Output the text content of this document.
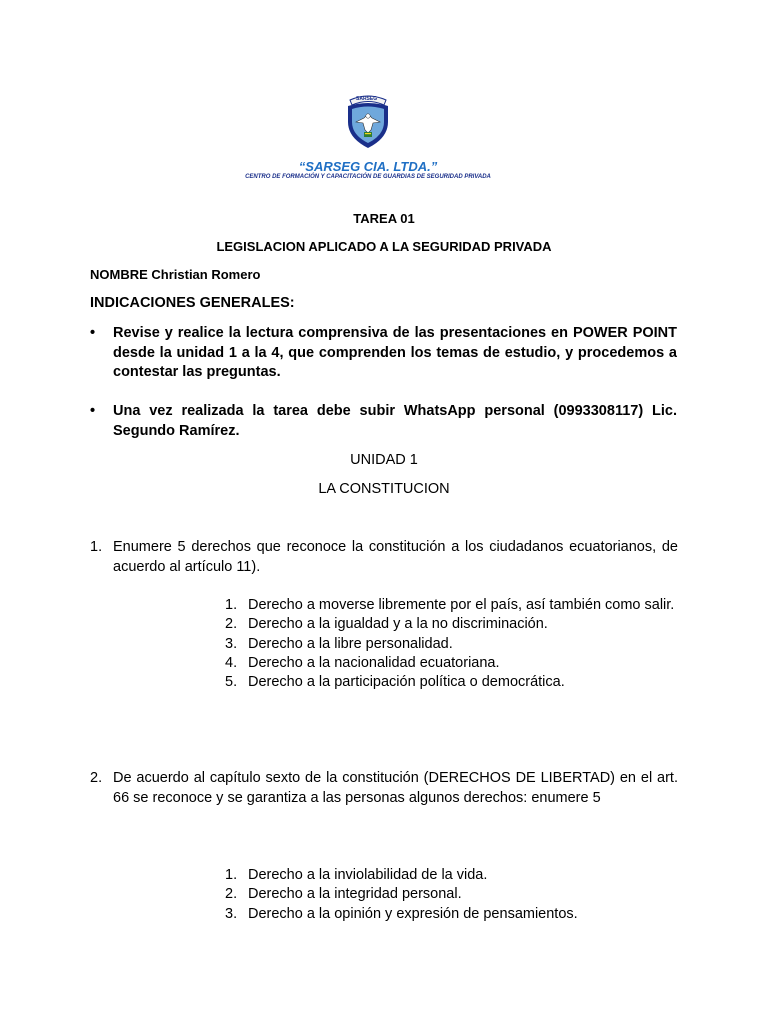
SARSEG
“SARSEG CIA. LTDA.”
CENTRO DE FORMACIÓN Y CAPACITACIÓN DE GUARDIAS DE SEGURIDAD PRIVADA
TAREA 01
LEGISLACION APLICADO A LA SEGURIDAD PRIVADA
NOMBRE Christian Romero
INDICACIONES GENERALES:
•	Revise y realice la lectura comprensiva de las presentaciones en POWER POINT desde la unidad 1 a la 4, que comprenden los temas de estudio, y procedemos a contestar las preguntas.
•	Una vez realizada la tarea debe subir WhatsApp personal (0993308117) Lic. Segundo Ramírez.
UNIDAD 1
LA CONSTITUCION
1. Enumere 5 derechos que reconoce la constitución a los ciudadanos ecuatorianos, de acuerdo al artículo 11).
1. Derecho a moverse libremente por el país, así también como salir.
2. Derecho a la igualdad y a la no discriminación.
3. Derecho a la libre personalidad.
4. Derecho a la nacionalidad ecuatoriana.
5. Derecho a la participación política o democrática.
2. De acuerdo al capítulo sexto de la constitución (DERECHOS DE LIBERTAD) en el art. 66 se reconoce y se garantiza a las personas algunos derechos: enumere 5
1. Derecho a la inviolabilidad de la vida.
2. Derecho a la integridad personal.
3. Derecho a la opinión y expresión de pensamientos.
